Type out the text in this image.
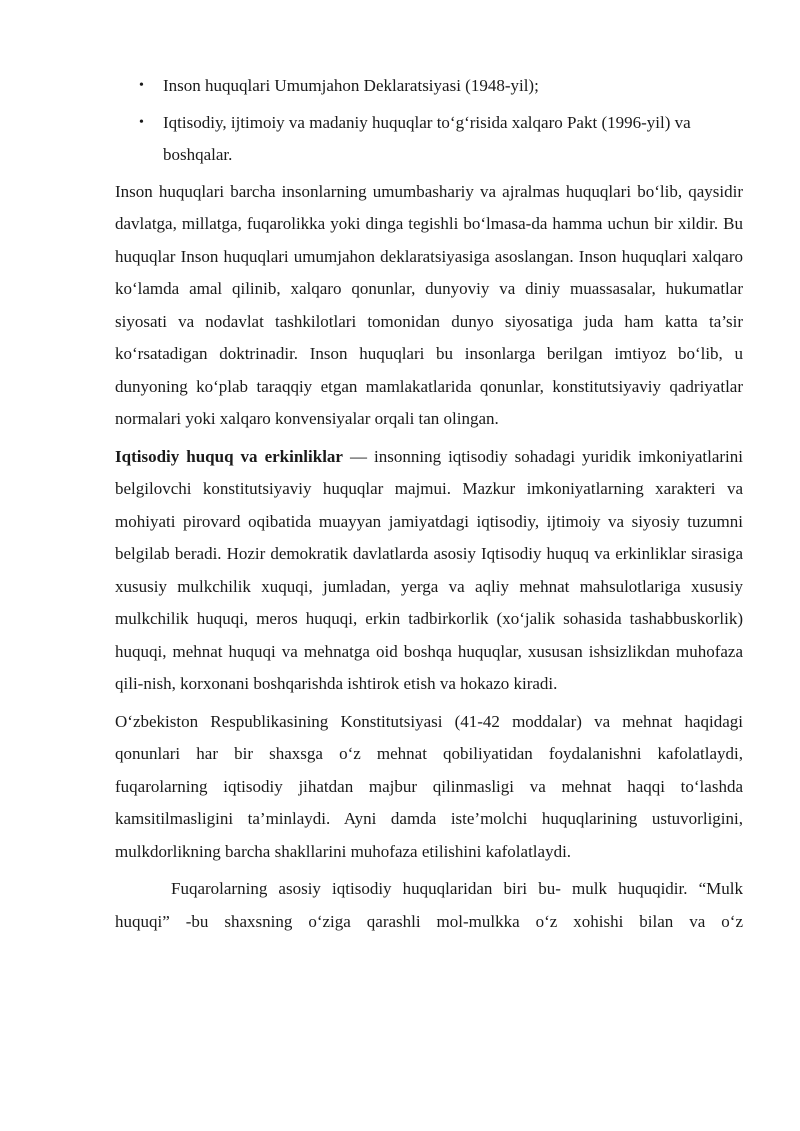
• Inson huquqlari Umumjahon Deklaratsiyasi (1948-yil);
• Iqtisodiy, ijtimoiy va madaniy huquqlar to‘g‘risida xalqaro Pakt (1996-yil) va boshqalar.

Inson huquqlari barcha insonlarning umumbashariy va ajralmas huquqlari bo‘lib, qaysidir davlatga, millatga, fuqarolikka yoki dinga tegishli bo‘lmasa-da hamma uchun bir xildir. Bu huquqlar Inson huquqlari umumjahon deklaratsiyasiga asoslangan. Inson huquqlari xalqaro ko‘lamda amal qilinib, xalqaro qonunlar, dunyoviy va diniy muassasalar, hukumatlar siyosati va nodavlat tashkilotlari tomonidan dunyo siyosatiga juda ham katta ta’sir ko‘rsatadigan doktrinadir. Inson huquqlari bu insonlarga berilgan imtiyoz bo‘lib, u dunyoning ko‘plab taraqqiy etgan mamlakatlarida qonunlar, konstitutsiyaviy qadriyatlar normalari yoki xalqaro konvensiyalar orqali tan olingan.

Iqtisodiy huquq va erkinliklar — insonning iqtisodiy sohadagi yuridik imkoniyatlarini belgilovchi konstitutsiyaviy huquqlar majmui. Mazkur imkoniyatlarning xarakteri va mohiyati pirovard oqibatida muayyan jamiyatdagi iqtisodiy, ijtimoiy va siyosiy tuzumni belgilab beradi. Hozir demokratik davlatlarda asosiy Iqtisodiy huquq va erkinliklar sirasiga xususiy mulkchilik xuquqi, jumladan, yerga va aqliy mehnat mahsulotlariga xususiy mulkchilik huquqi, meros huquqi, erkin tadbirkorlik (xo‘jalik sohasida tashabbuskorlik) huquqi, mehnat huquqi va mehnatga oid boshqa huquqlar, xususan ishsizlikdan muhofaza qili-nish, korxonani boshqarishda ishtirok etish va hokazo kiradi.

O‘zbekiston Respublikasining Konstitutsiyasi (41-42 moddalar) va mehnat haqidagi qonunlari har bir shaxsga o‘z mehnat qobiliyatidan foydalanishni kafolatlaydi, fuqarolarning iqtisodiy jihatdan majbur qilinmasligi va mehnat haqqi to‘lashda kamsitilmasligini ta’minlaydi. Ayni damda iste’molchi huquqlarining ustuvorligini, mulkdorlikning barcha shakllarini muhofaza etilishini kafolatlaydi.

Fuqarolarning asosiy iqtisodiy huquqlaridan biri bu- mulk huquqidir. “Mulk huquqi” -bu shaxsning o‘ziga qarashli mol-mulkka o‘z xohishi bilan va o‘z
